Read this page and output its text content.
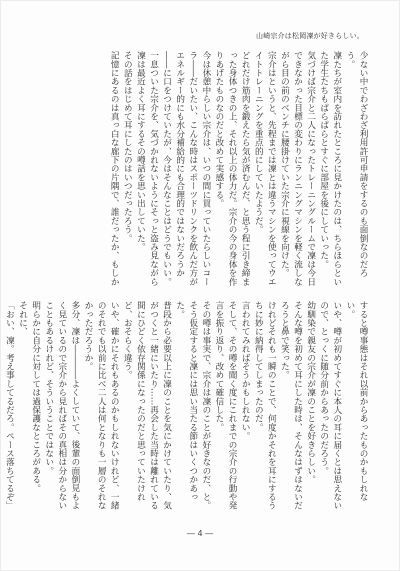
山崎宗介は松岡凜が好きらしい。

少ない中でわざわざ利用許可申請をするのも面倒なのだろう。

凜たちが室内を訪れたところに見かけたのは、ちらほらといた学生たちもぱらぱらとすぐに部屋を後にしていった。

気づけば宗介と二人になったトレーニングルームで凜は今日できなかった目標の変わりにランニングマシンを軽く流しながら目の前のベンチに腰掛けていた宗介に視線を向けた。

宗介はというと、先程までは凜とは違うマシンを使ってウエイトトレーニングを重点的にしていたようだ。

どれだけ筋肉を鍛えたら気が済むんだ、と思う程に引き締まった身体つきの上、それ以上の体力だ。宗介の今の身体を作りあげたものなのだと改めて実感する。

今は休憩中らしい宗介は、いつの間に買っていたらしいコーラ――だいたい、こんな時はスポーツドリンクを飲んだ方がエネルギー的にも水分補給的にも合理的ではないだろうか――に口をつけていたが、今はそんなことはどうでもいい。

一息ついた宗介を、気づかれないようにそっと盗み見ながら凜は最近よく耳にするその噂話を思い出していた。

その話をはじめて耳にしたのはいつだったろう。

記憶にあるのは真っ白な廊下の片隅で、誰だったか、もしか

すると噂事態はそれ以前からあったものかもしれない。

いや、噂が初めてすぐに本人の耳に届くとは思えないので、とっくに随分前からあったのだろう。

幼馴染で親友の宗介が凜のことを好きらしい。

そんな噂を初めて耳にした時は、そんなはずはないだろうと鼻で笑った。

けれどそれも一瞬のことで、何度かそれを耳にするうちに妙に納得してしまったのだ。

言われてみればそうかもしれない。

そして、その噂を聞く度にこれまでの宗介の行動や発言を振り返り、改めて確信した。

その噂は事実で、宗介は凜のことが好きなのだ、と。

そう仮定すると凜には思い当たる節はいくつかあった。

普段から必要以上に凜のことを気にかけていたり、気がつくと一緒にいたり……再会した当時は離れている間にひどく依存関係になったのだと思っていたけれど、おそらく違う。

いや、確かにそれもあるのかもしれないけれど、一緒のそれでも以前に比べ二人は何となりも一層のそれなかっただろうか。

多分、凜は――――よくしていて、後輩の面倒見もよく見ているので宗介から見ればその真相は分からないこともあるけれど、そういうことではない。

明らかに自分に対しては過保護なところがある。

それに、

「おい、凜。考え事してるだろ。ペース落ちてるぞ」

― 4 ―
